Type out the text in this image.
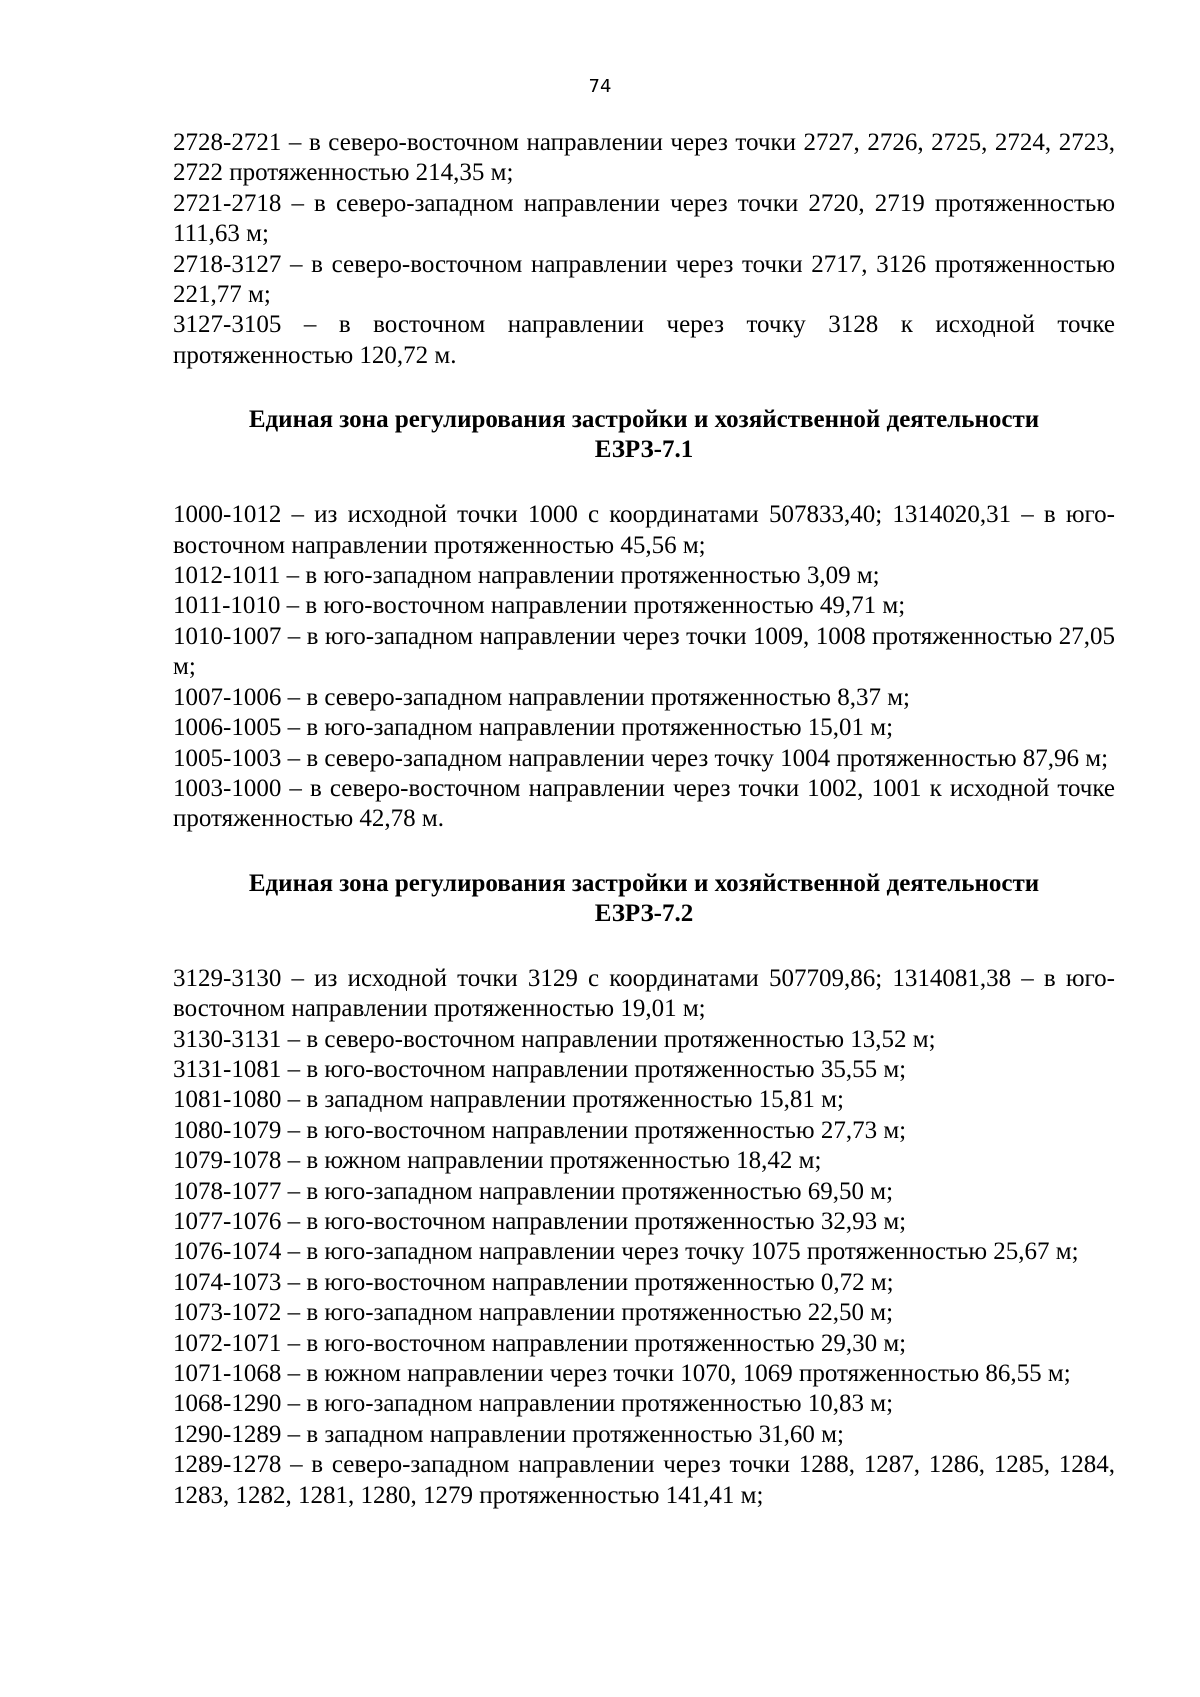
74

2728-2721 – в северо-восточном направлении через точки 2727, 2726, 2725, 2724, 2723, 2722 протяженностью 214,35 м;

2721-2718 – в северо-западном направлении через точки 2720, 2719 протяженностью 111,63 м;

2718-3127 – в северо-восточном направлении через точки 2717, 3126 протяженностью 221,77 м;

3127-3105 – в восточном направлении через точку 3128 к исходной точке протяженностью 120,72 м.

Единая зона регулирования застройки и хозяйственной деятельности
ЕЗРЗ-7.1

1000-1012 – из исходной точки 1000 с координатами 507833,40; 1314020,31 – в юго-восточном направлении протяженностью 45,56 м;

1012-1011 – в юго-западном направлении протяженностью 3,09 м;

1011-1010 – в юго-восточном направлении протяженностью 49,71 м;

1010-1007 – в юго-западном направлении через точки 1009, 1008 протяженностью 27,05 м;

1007-1006 – в северо-западном направлении протяженностью 8,37 м;

1006-1005 – в юго-западном направлении протяженностью 15,01 м;

1005-1003 – в северо-западном направлении через точку 1004 протяженностью 87,96 м;

1003-1000 – в северо-восточном направлении через точки 1002, 1001 к исходной точке протяженностью 42,78 м.

Единая зона регулирования застройки и хозяйственной деятельности
ЕЗРЗ-7.2

3129-3130 – из исходной точки 3129 с координатами 507709,86; 1314081,38 – в юго-восточном направлении протяженностью 19,01 м;

3130-3131 – в северо-восточном направлении протяженностью 13,52 м;

3131-1081 – в юго-восточном направлении протяженностью 35,55 м;

1081-1080 – в западном направлении протяженностью 15,81 м;

1080-1079 – в юго-восточном направлении протяженностью 27,73 м;

1079-1078 – в южном направлении протяженностью 18,42 м;

1078-1077 – в юго-западном направлении протяженностью 69,50 м;

1077-1076 – в юго-восточном направлении протяженностью 32,93 м;

1076-1074 – в юго-западном направлении через точку 1075 протяженностью 25,67 м;

1074-1073 – в юго-восточном направлении протяженностью 0,72 м;

1073-1072 – в юго-западном направлении протяженностью 22,50 м;

1072-1071 – в юго-восточном направлении протяженностью 29,30 м;

1071-1068 – в южном направлении через точки 1070, 1069 протяженностью 86,55 м;

1068-1290 – в юго-западном направлении протяженностью 10,83 м;

1290-1289 – в западном направлении протяженностью 31,60 м;

1289-1278 – в северо-западном направлении через точки 1288, 1287, 1286, 1285, 1284, 1283, 1282, 1281, 1280, 1279 протяженностью 141,41 м;
